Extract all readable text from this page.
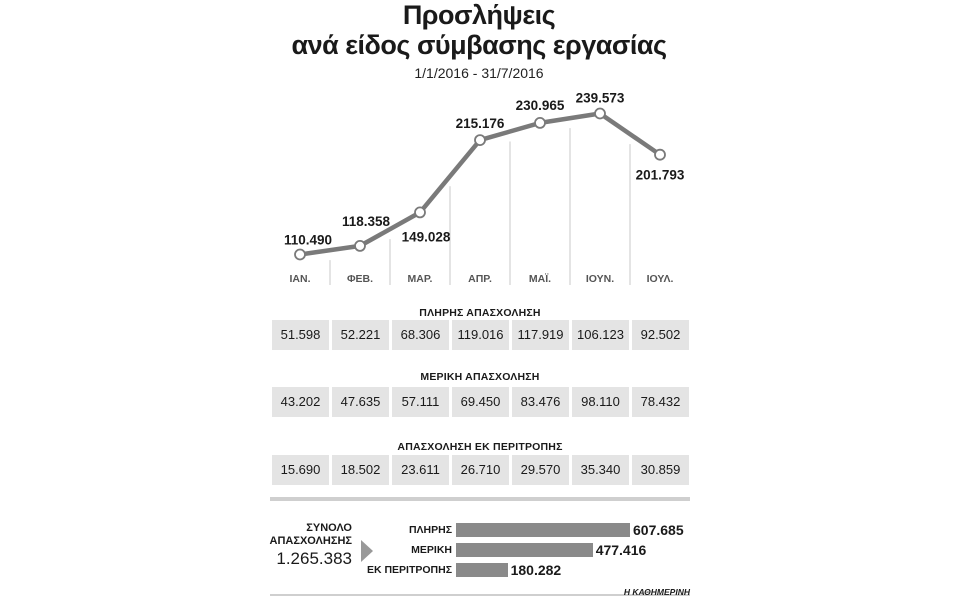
Προσλήψεις
ανά είδος σύμβασης εργασίας
1/1/2016 - 31/7/2016
110.490
ΙΑΝ.
118.358
ΦΕΒ.
149.028
ΜΑΡ.
215.176
ΑΠΡ.
230.965
ΜΑΪ.
239.573
ΙΟΥΝ.
201.793
ΙΟΥΛ.
ΠΛΗΡΗΣ ΑΠΑΣΧΟΛΗΣΗ
51.598	52.221	68.306	119.016	117.919	106.123	92.502
ΜΕΡΙΚΗ ΑΠΑΣΧΟΛΗΣΗ
43.202	47.635	57.111	69.450	83.476	98.110	78.432
ΑΠΑΣΧΟΛΗΣΗ ΕΚ ΠΕΡΙΤΡΟΠΗΣ
15.690	18.502	23.611	26.710	29.570	35.340	30.859
ΣΥΝΟΛΟ
ΑΠΑΣΧΟΛΗΣΗΣ
1.265.383
ΠΛΗΡΗΣ	607.685
ΜΕΡΙΚΗ	477.416
ΕΚ ΠΕΡΙΤΡΟΠΗΣ	180.282
Η ΚΑΘΗΜΕΡΙΝΗ
